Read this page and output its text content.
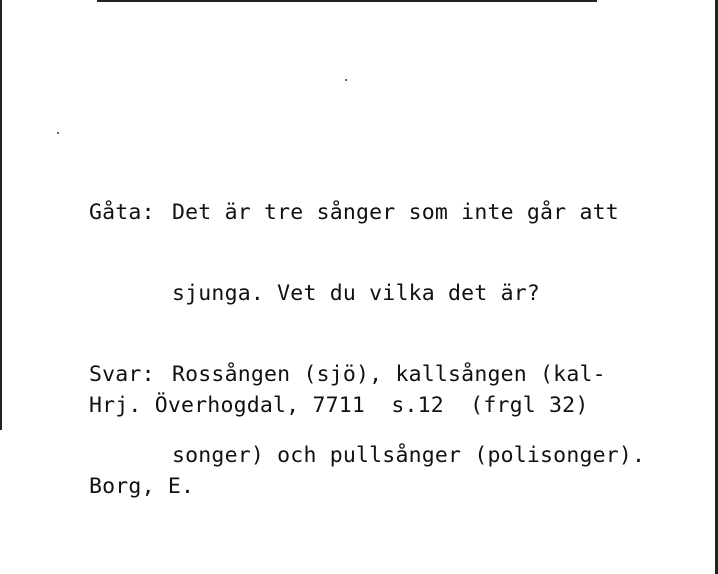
Gåta: Det är tre sånger som inte går att

sjunga. Vet du vilka det är?

Svar: Rossången (sjö), kallsången (kal-

songer) och pullsånger (polisonger).

Hrj. Överhogdal, 7711  s.12  (frgl 32)

Borg, E.
